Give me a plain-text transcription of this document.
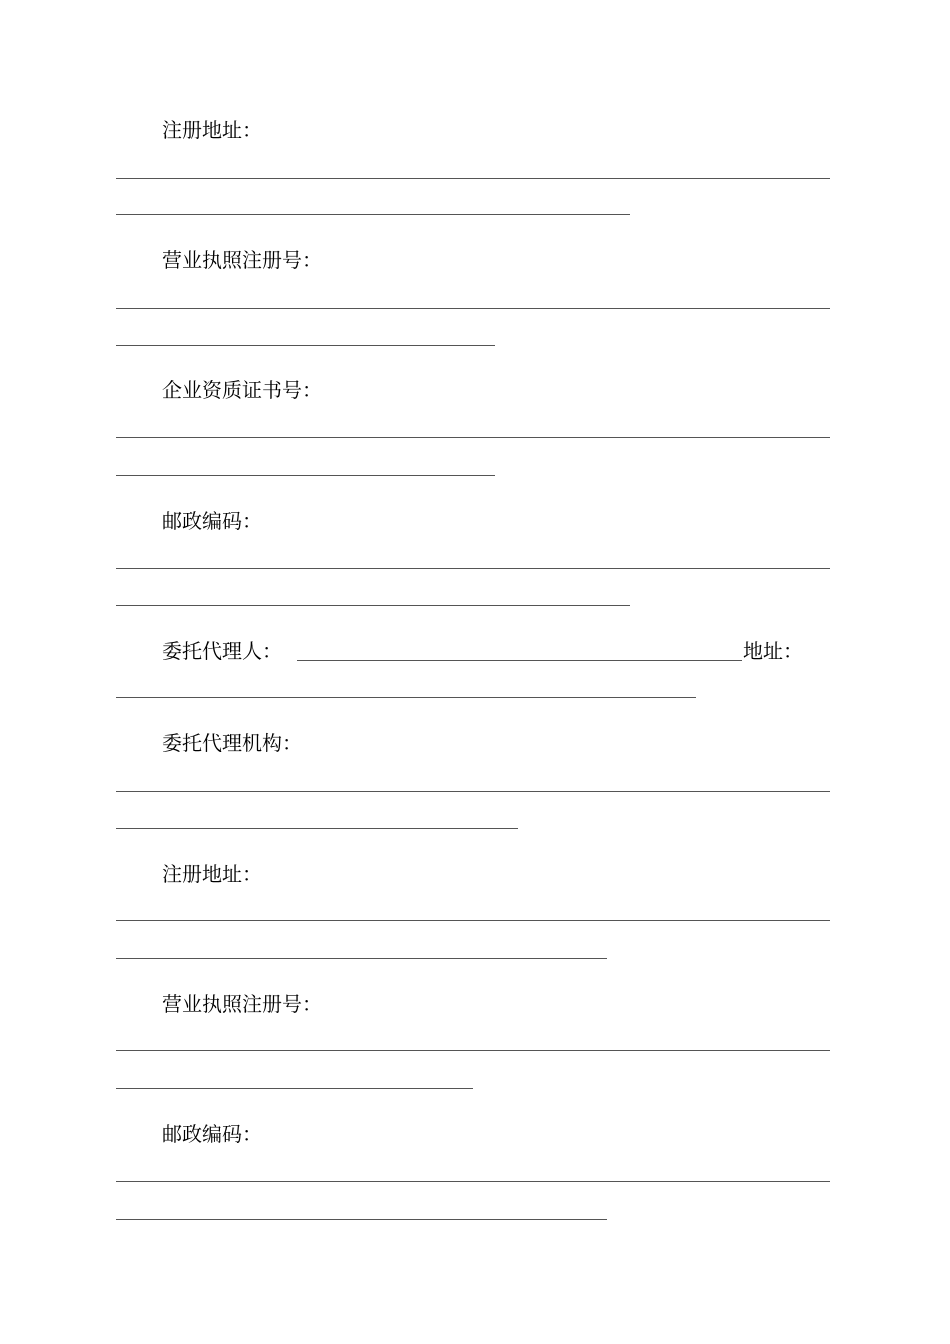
注册地址：
营业执照注册号：
企业资质证书号：
邮政编码：
委托代理人：	地址：
委托代理机构：
注册地址：
营业执照注册号：
邮政编码：
